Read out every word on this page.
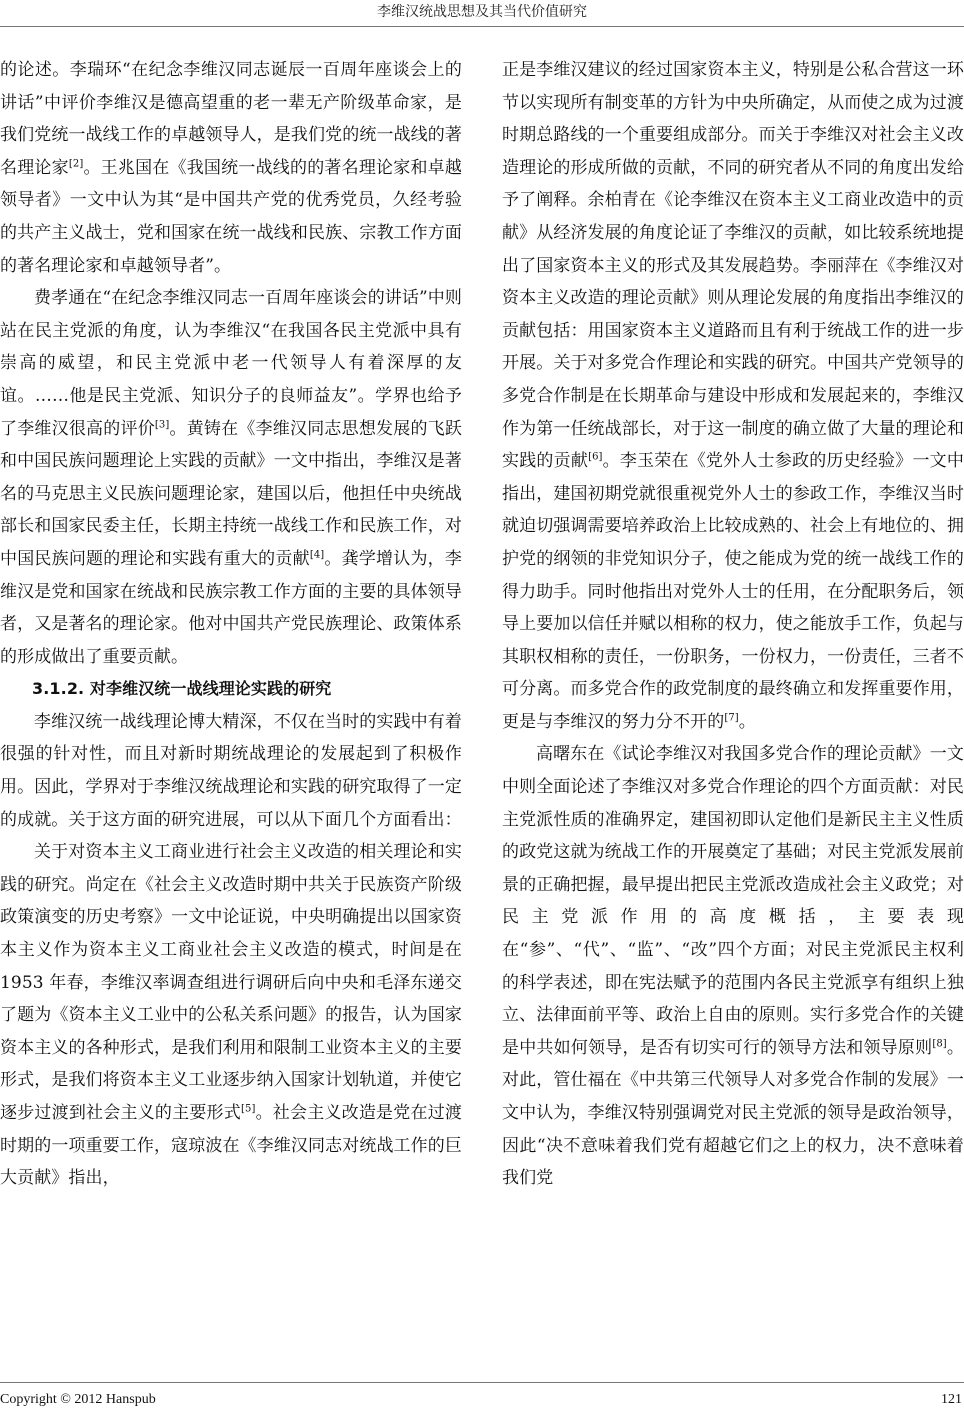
李维汉统战思想及其当代价值研究

的论述。李瑞环“在纪念李维汉同志诞辰一百周年座谈会上的讲话”中评价李维汉是德高望重的老一辈无产阶级革命家，是我们党统一战线工作的卓越领导人，是我们党的统一战线的著名理论家[2]。王兆国在《我国统一战线的的著名理论家和卓越领导者》一文中认为其“是中国共产党的优秀党员，久经考验的共产主义战士，党和国家在统一战线和民族、宗教工作方面的著名理论家和卓越领导者”。

费孝通在“在纪念李维汉同志一百周年座谈会的讲话”中则站在民主党派的角度，认为李维汉“在我国各民主党派中具有崇高的威望，和民主党派中老一代领导人有着深厚的友谊。……他是民主党派、知识分子的良师益友”。学界也给予了李维汉很高的评价[3]。黄铸在《李维汉同志思想发展的飞跃和中国民族问题理论上实践的贡献》一文中指出，李维汉是著名的马克思主义民族问题理论家，建国以后，他担任中央统战部长和国家民委主任，长期主持统一战线工作和民族工作，对中国民族问题的理论和实践有重大的贡献[4]。龚学增认为，李维汉是党和国家在统战和民族宗教工作方面的主要的具体领导者，又是著名的理论家。他对中国共产党民族理论、政策体系的形成做出了重要贡献。

3.1.2. 对李维汉统一战线理论实践的研究

李维汉统一战线理论博大精深，不仅在当时的实践中有着很强的针对性，而且对新时期统战理论的发展起到了积极作用。因此，学界对于李维汉统战理论和实践的研究取得了一定的成就。关于这方面的研究进展，可以从下面几个方面看出：

关于对资本主义工商业进行社会主义改造的相关理论和实践的研究。尚定在《社会主义改造时期中共关于民族资产阶级政策演变的历史考察》一文中论证说，中央明确提出以国家资本主义作为资本主义工商业社会主义改造的模式，时间是在 1953 年春，李维汉率调查组进行调研后向中央和毛泽东递交了题为《资本主义工业中的公私关系问题》的报告，认为国家资本主义的各种形式，是我们利用和限制工业资本主义的主要形式，是我们将资本主义工业逐步纳入国家计划轨道，并使它逐步过渡到社会主义的主要形式[5]。社会主义改造是党在过渡时期的一项重要工作，寇琼波在《李维汉同志对统战工作的巨大贡献》指出，

正是李维汉建议的经过国家资本主义，特别是公私合营这一环节以实现所有制变革的方针为中央所确定，从而使之成为过渡时期总路线的一个重要组成部分。而关于李维汉对社会主义改造理论的形成所做的贡献，不同的研究者从不同的角度出发给予了阐释。余柏青在《论李维汉在资本主义工商业改造中的贡献》从经济发展的角度论证了李维汉的贡献，如比较系统地提出了国家资本主义的形式及其发展趋势。李丽萍在《李维汉对资本主义改造的理论贡献》则从理论发展的角度指出李维汉的贡献包括：用国家资本主义道路而且有利于统战工作的进一步开展。关于对多党合作理论和实践的研究。中国共产党领导的多党合作制是在长期革命与建设中形成和发展起来的，李维汉作为第一任统战部长，对于这一制度的确立做了大量的理论和实践的贡献[6]。李玉荣在《党外人士参政的历史经验》一文中指出，建国初期党就很重视党外人士的参政工作，李维汉当时就迫切强调需要培养政治上比较成熟的、社会上有地位的、拥护党的纲领的非党知识分子，使之能成为党的统一战线工作的得力助手。同时他指出对党外人士的任用，在分配职务后，领导上要加以信任并赋以相称的权力，使之能放手工作，负起与其职权相称的责任，一份职务，一份权力，一份责任，三者不可分离。而多党合作的政党制度的最终确立和发挥重要作用，更是与李维汉的努力分不开的[7]。

高曙东在《试论李维汉对我国多党合作的理论贡献》一文中则全面论述了李维汉对多党合作理论的四个方面贡献：对民主党派性质的准确界定，建国初即认定他们是新民主主义性质的政党这就为统战工作的开展奠定了基础；对民主党派发展前景的正确把握，最早提出把民主党派改造成社会主义政党；对民主党派作用的高度概括，主要表现在“参”、“代”、“监”、“改”四个方面；对民主党派民主权利的科学表述，即在宪法赋予的范围内各民主党派享有组织上独立、法律面前平等、政治上自由的原则。实行多党合作的关键是中共如何领导，是否有切实可行的领导方法和领导原则[8]。对此，管仕福在《中共第三代领导人对多党合作制的发展》一文中认为，李维汉特别强调党对民主党派的领导是政治领导，因此“决不意味着我们党有超越它们之上的权力，决不意味着我们党

Copyright © 2012 Hanspub	121
